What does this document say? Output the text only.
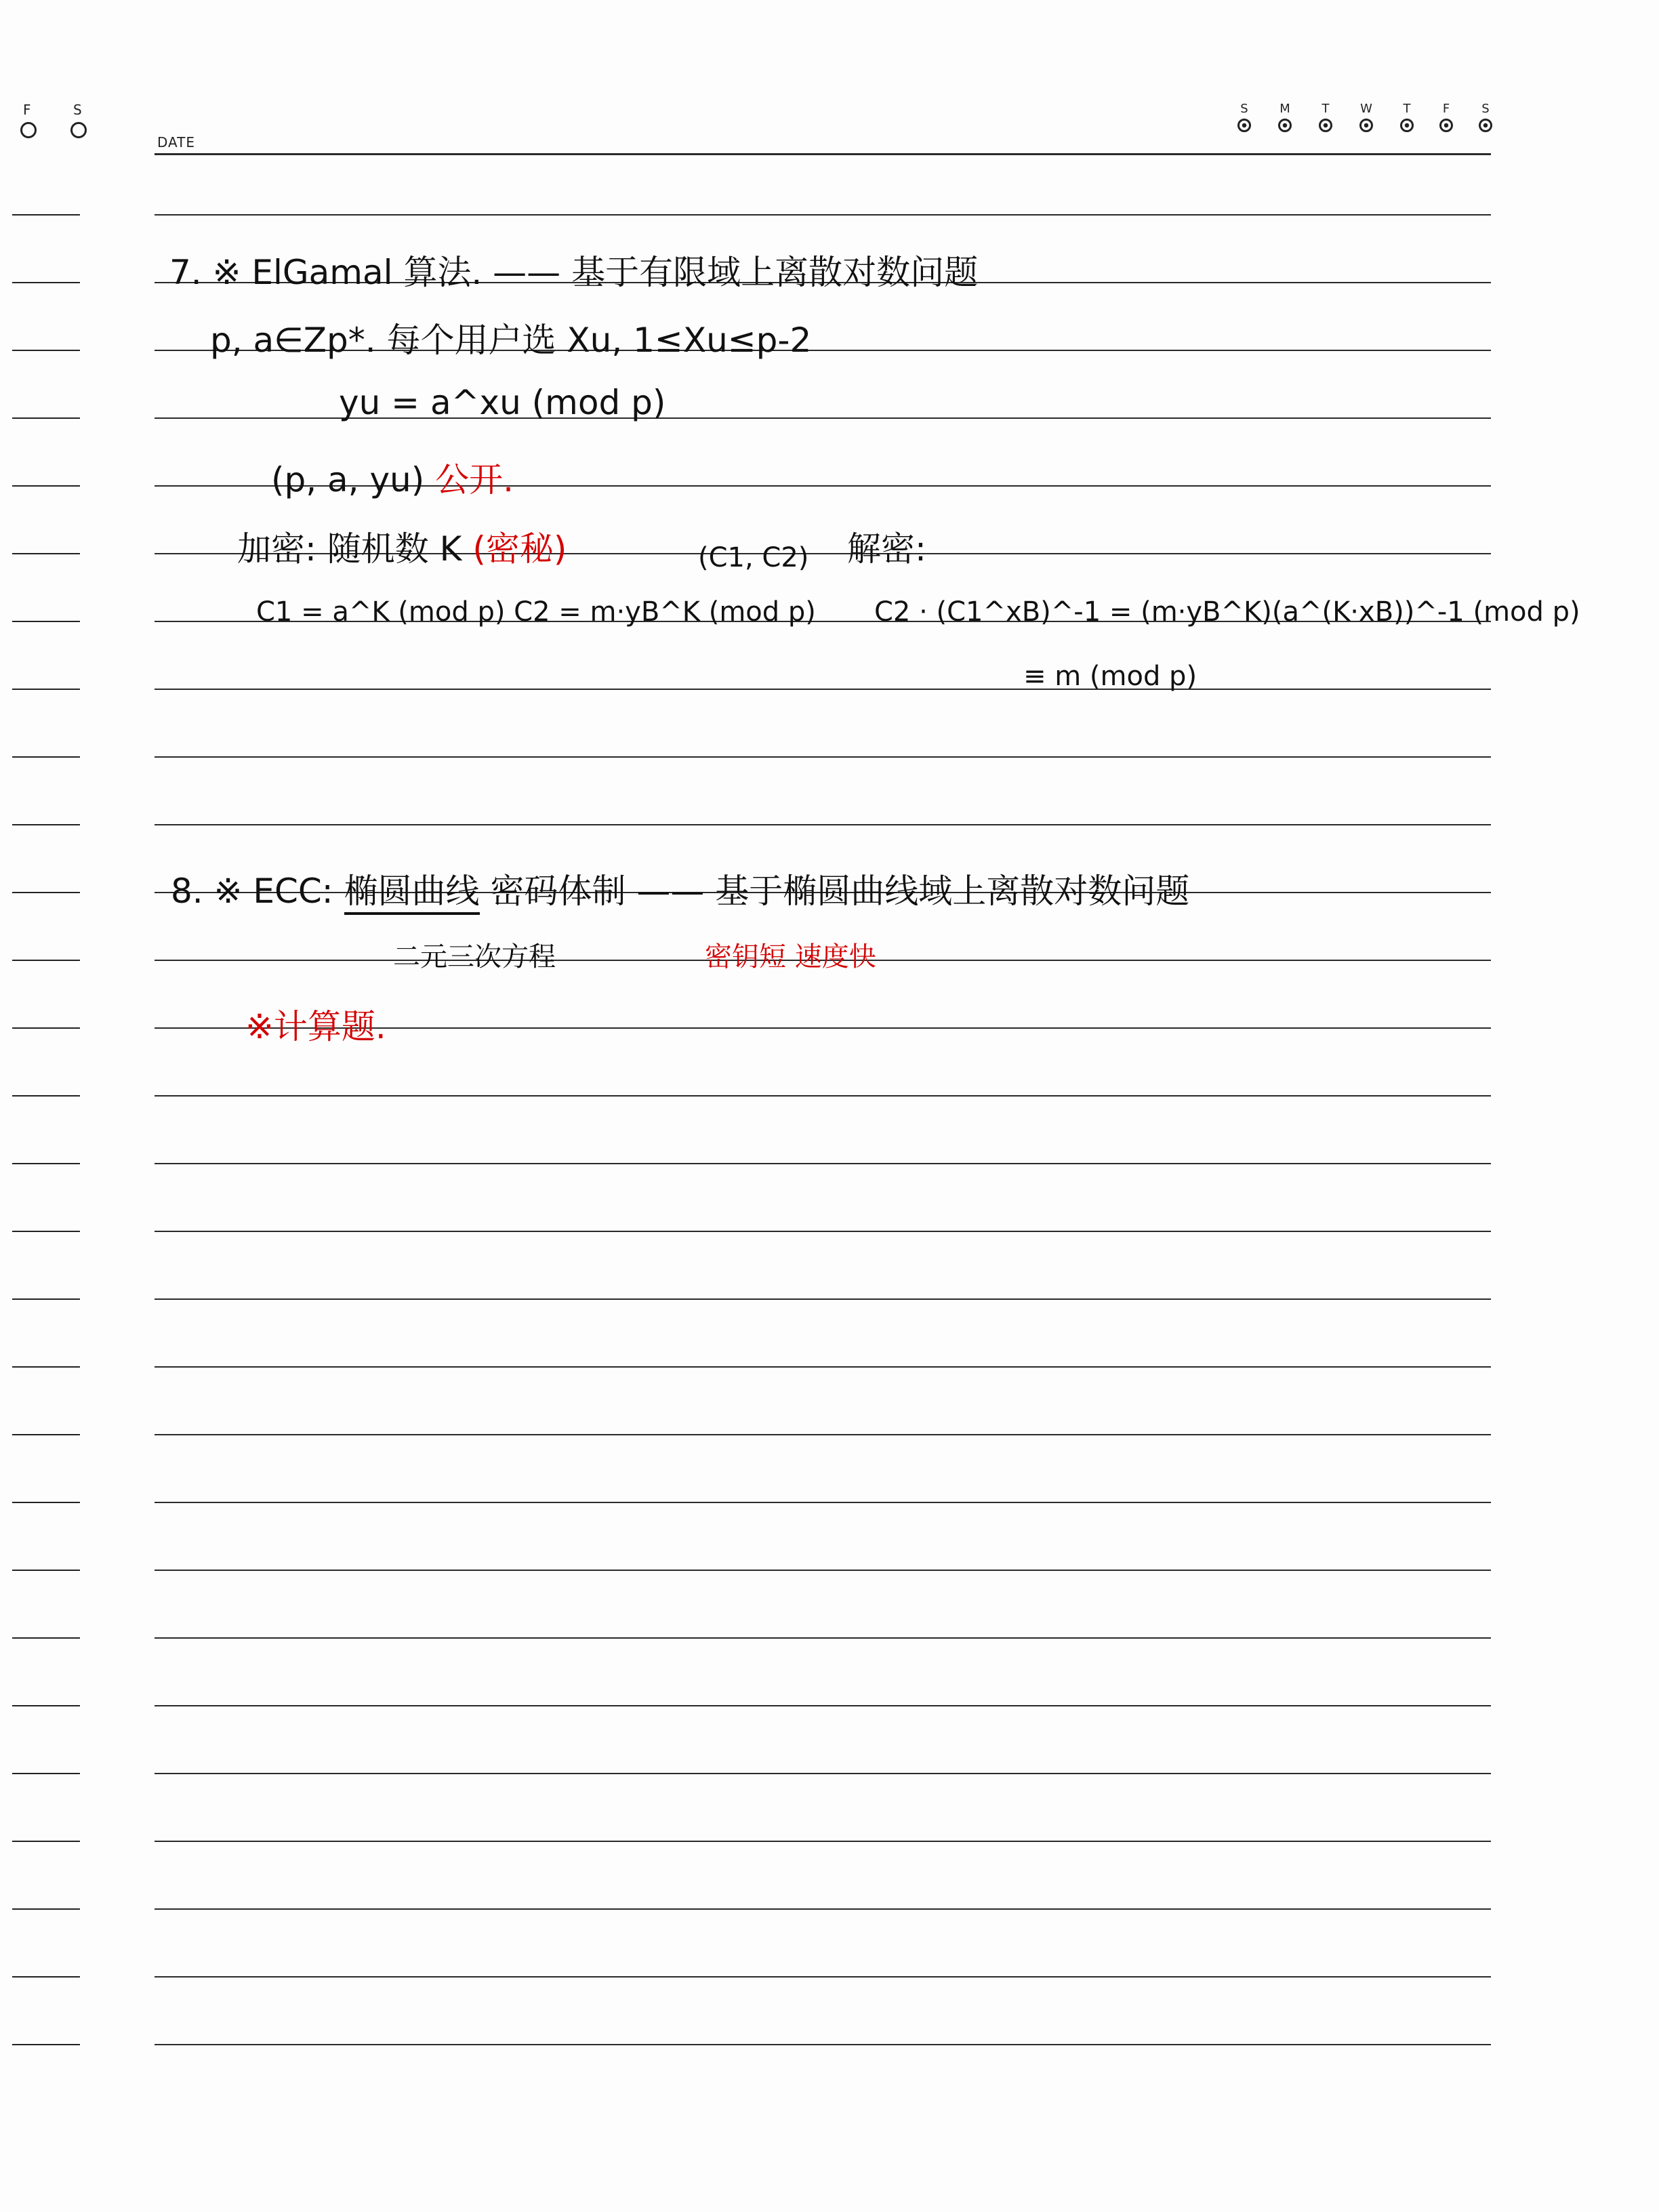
F	S
DATE
S	M	T	W	T	F	S
7. ※ ElGamal 算法. —— 基于有限域上离散对数问题
p, a∈Zp*. 每个用户选 Xu, 1≤Xu≤p-2
yu = a^xu (mod p)
(p, a, yu) 公开.
加密: 随机数 K (密秘)	(C1, C2) 解密:
C1 = a^K (mod p) C2 = m·yB^K (mod p) C2 · (C1^xB)^-1 = (m·yB^K)(a^(K·xB))^-1 (mod p)
≡ m (mod p)
8. ※ ECC: 椭圆曲线 密码体制 —— 基于椭圆曲线域上离散对数问题
二元三次方程	密钥短 速度快
※计算题.
